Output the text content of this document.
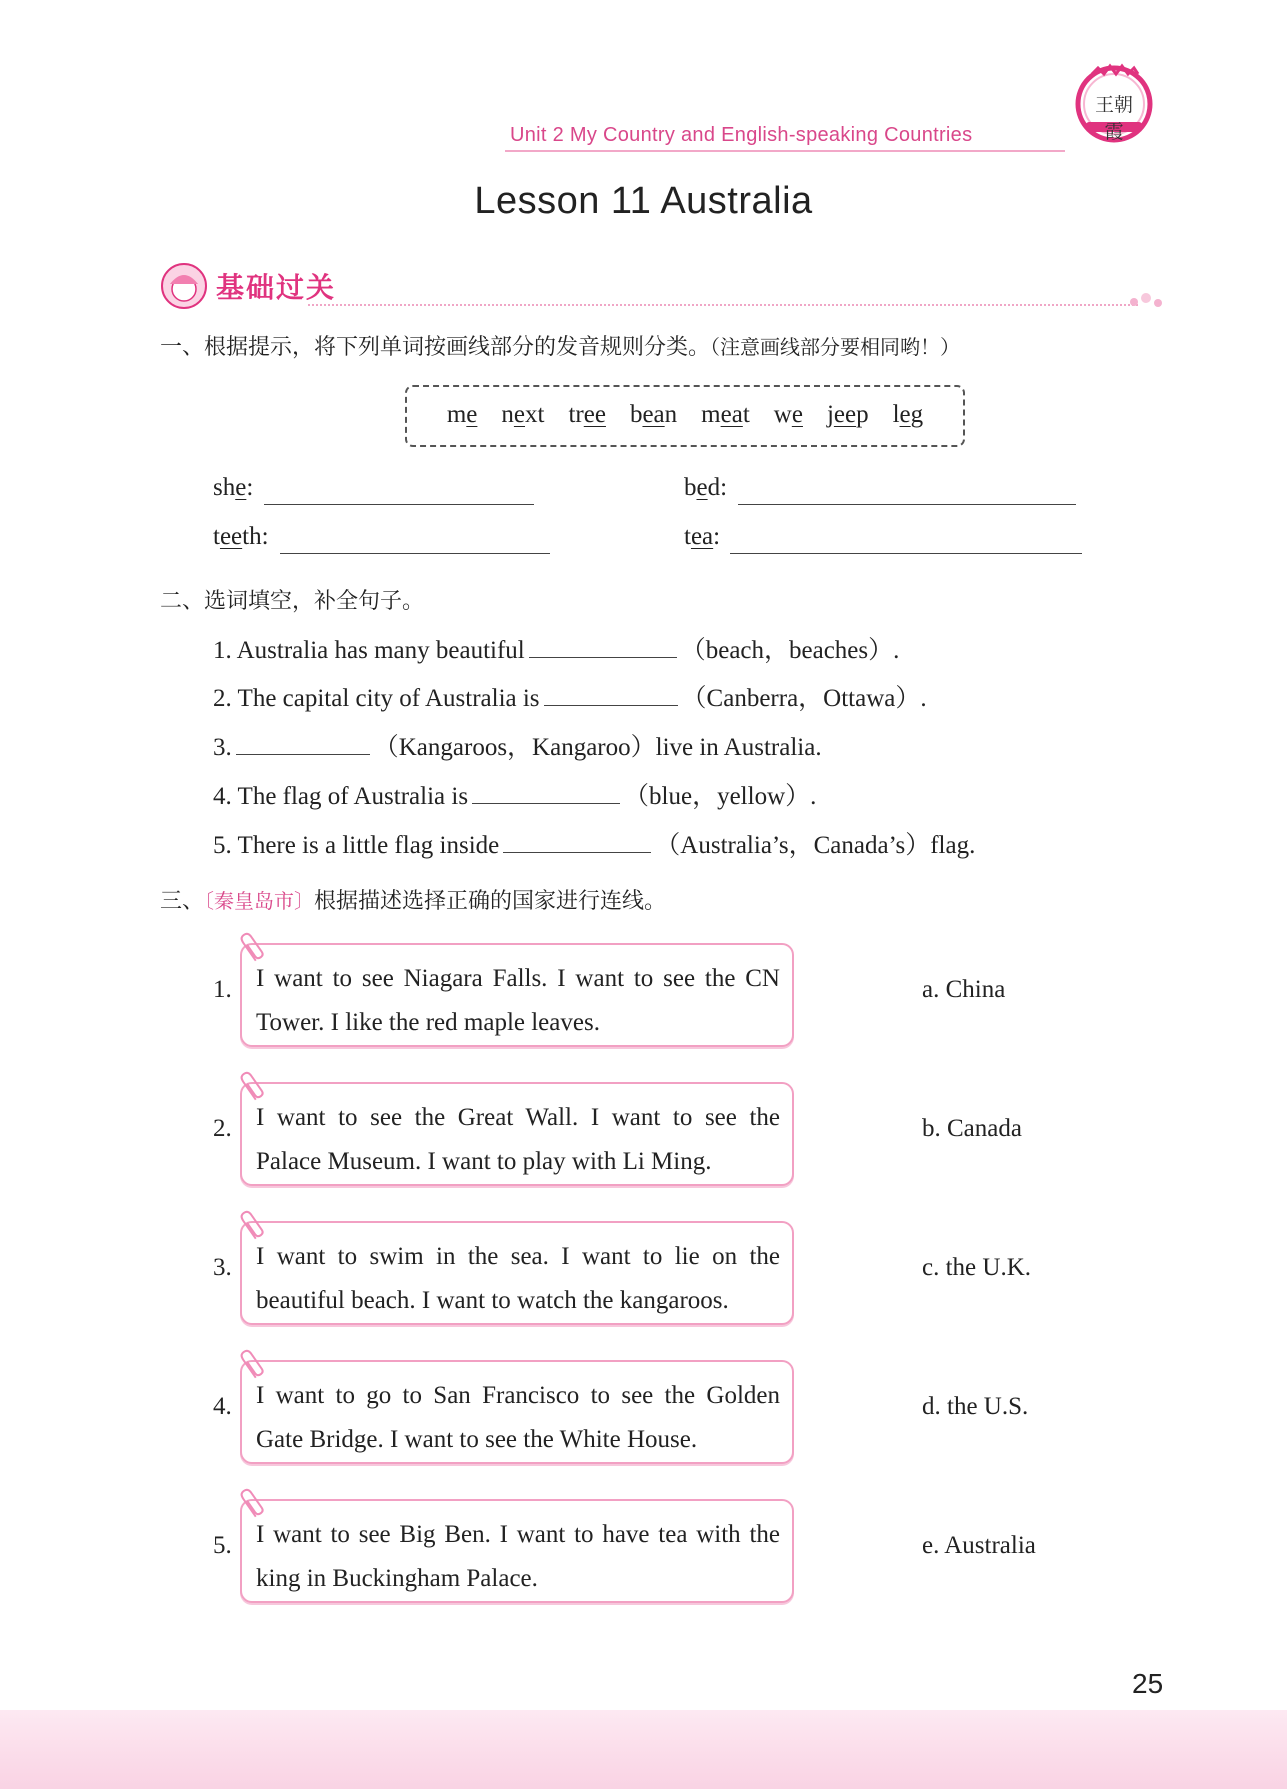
Unit 2 My Country and English-speaking Countries
王朝霞
Lesson 11 Australia
基础过关
一、根据提示，将下列单词按画线部分的发音规则分类。（注意画线部分要相同哟！）
me next tree bean meat we jeep leg
she:	bed:
teeth:	tea:
二、选词填空，补全句子。
1. Australia has many beautiful	（beach，beaches）.
2. The capital city of Australia is	（Canberra，Ottawa）.
3.	（Kangaroos，Kangaroo）live in Australia.
4. The flag of Australia is	（blue，yellow）.
5. There is a little flag inside	（Australia’s，Canada’s）flag.
三、〔秦皇岛市〕根据描述选择正确的国家进行连线。
1. I want to see Niagara Falls. I want to see the CN Tower. I like the red maple leaves.
a. China
2. I want to see the Great Wall. I want to see the Palace Museum. I want to play with Li Ming.
b. Canada
3. I want to swim in the sea. I want to lie on the beautiful beach. I want to watch the kangaroos.
c. the U.K.
4. I want to go to San Francisco to see the Golden Gate Bridge. I want to see the White House.
d. the U.S.
5. I want to see Big Ben. I want to have tea with the king in Buckingham Palace.
e. Australia
25
